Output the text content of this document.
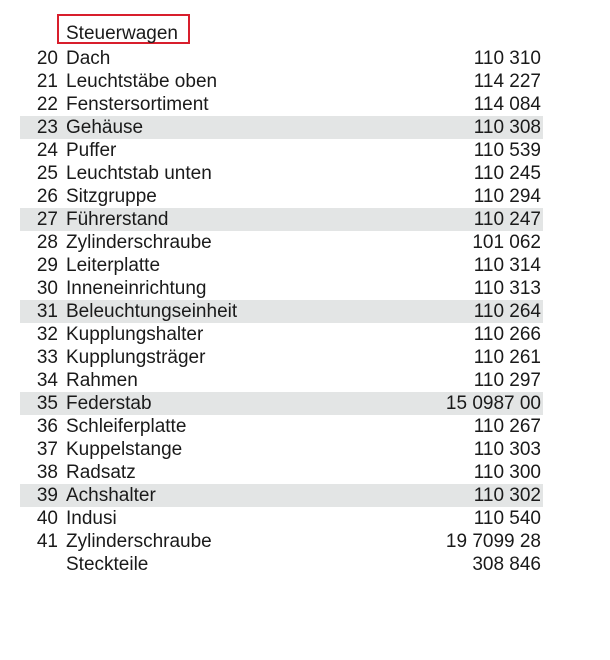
Steuerwagen
20 Dach	110 310
21 Leuchtstäbe oben	114 227
22 Fenstersortiment	114 084
23 Gehäuse	110 308
24 Puffer	110 539
25 Leuchtstab unten	110 245
26 Sitzgruppe	110 294
27 Führerstand	110 247
28 Zylinderschraube	101 062
29 Leiterplatte	110 314
30 Inneneinrichtung	110 313
31 Beleuchtungseinheit	110 264
32 Kupplungshalter	110 266
33 Kupplungsträger	110 261
34 Rahmen	110 297
35 Federstab	15 0987 00
36 Schleiferplatte	110 267
37 Kuppelstange	110 303
38 Radsatz	110 300
39 Achshalter	110 302
40 Indusi	110 540
41 Zylinderschraube	19 7099 28
Steckteile	308 846
